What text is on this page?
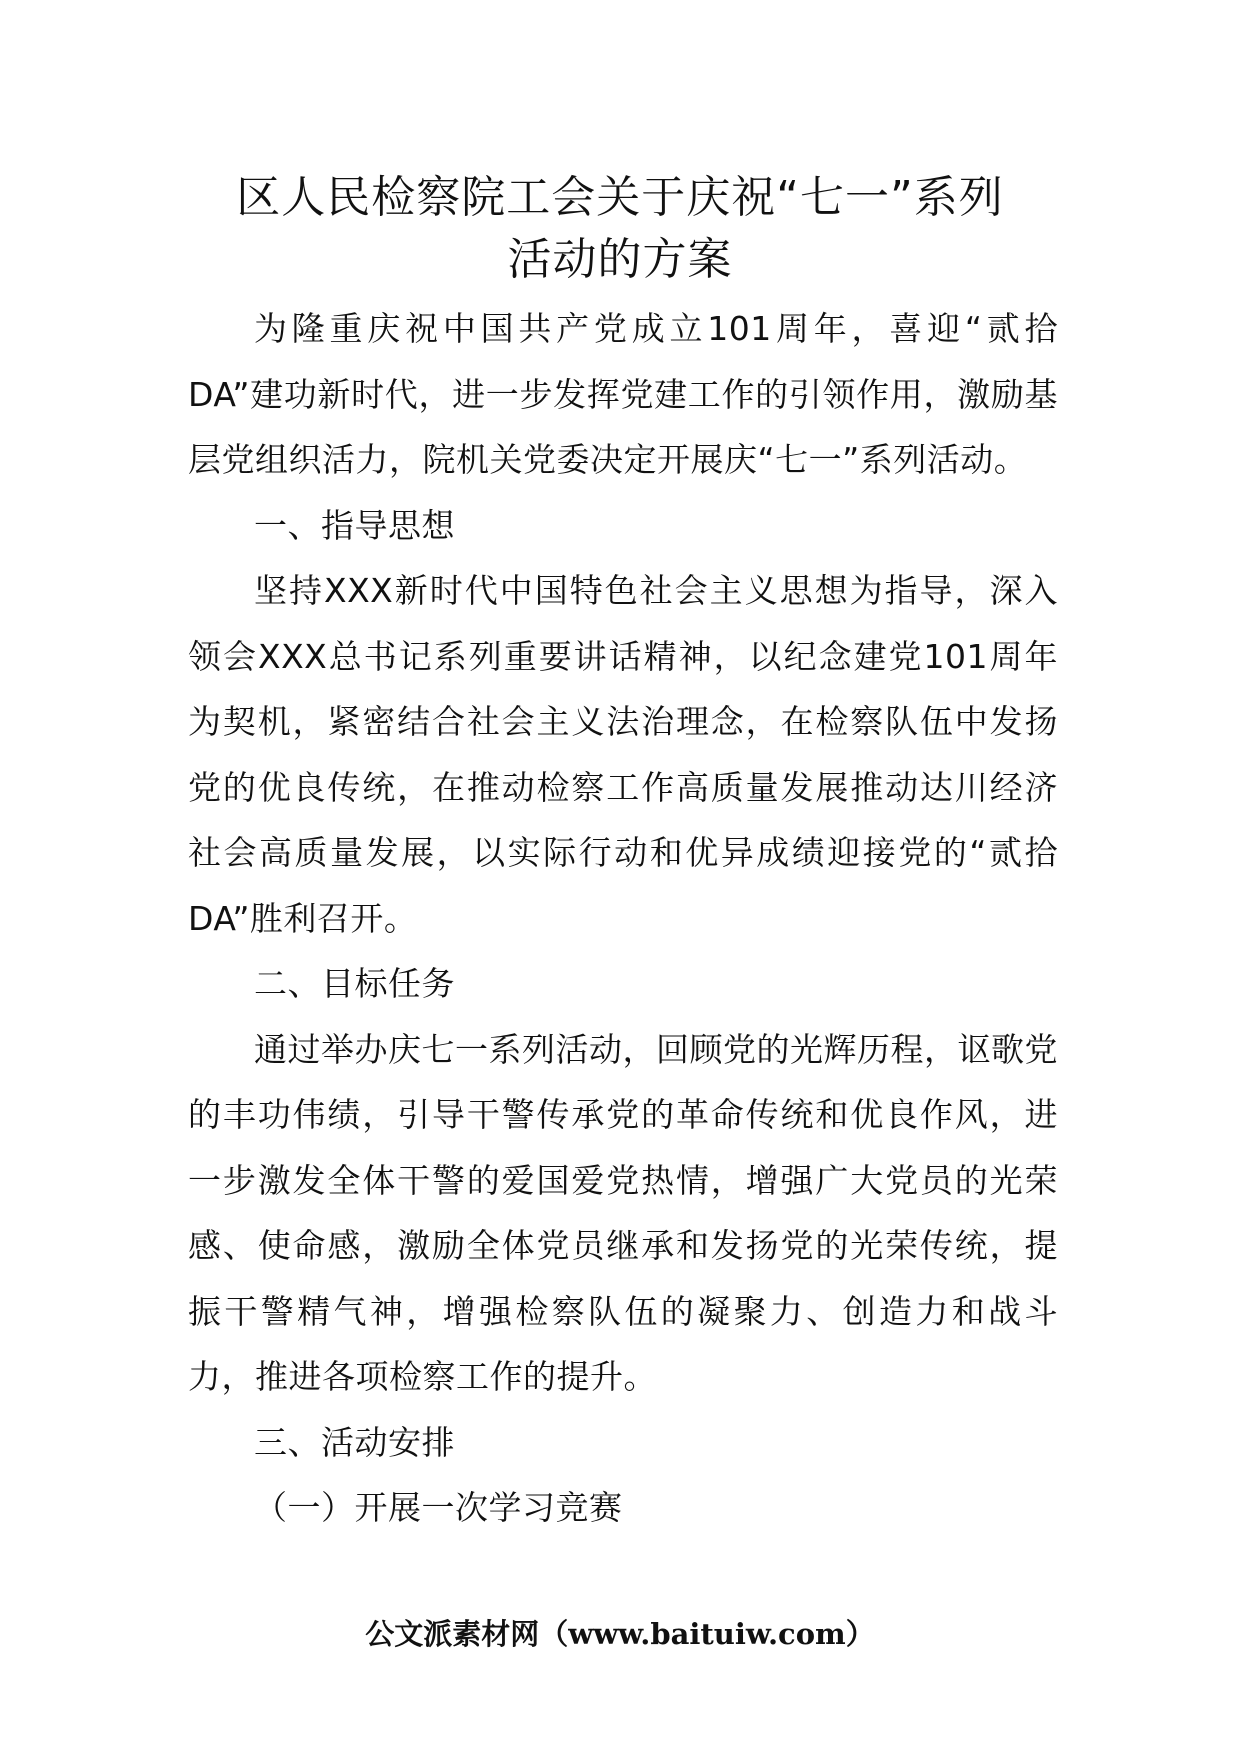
区人民检察院工会关于庆祝“七一”系列
活动的方案

为隆重庆祝中国共产党成立101周年，喜迎“贰拾DA”建功新时代，进一步发挥党建工作的引领作用，激励基层党组织活力，院机关党委决定开展庆“七一”系列活动。

一、指导思想

坚持XXX新时代中国特色社会主义思想为指导，深入领会XXX总书记系列重要讲话精神，以纪念建党101周年为契机，紧密结合社会主义法治理念，在检察队伍中发扬党的优良传统，在推动检察工作高质量发展推动达川经济社会高质量发展，以实际行动和优异成绩迎接党的“贰拾DA”胜利召开。

二、目标任务

通过举办庆七一系列活动，回顾党的光辉历程，讴歌党的丰功伟绩，引导干警传承党的革命传统和优良作风，进一步激发全体干警的爱国爱党热情，增强广大党员的光荣感、使命感，激励全体党员继承和发扬党的光荣传统，提振干警精气神，增强检察队伍的凝聚力、创造力和战斗力，推进各项检察工作的提升。

三、活动安排

（一）开展一次学习竞赛

公文派素材网（www.baituiw.com）
